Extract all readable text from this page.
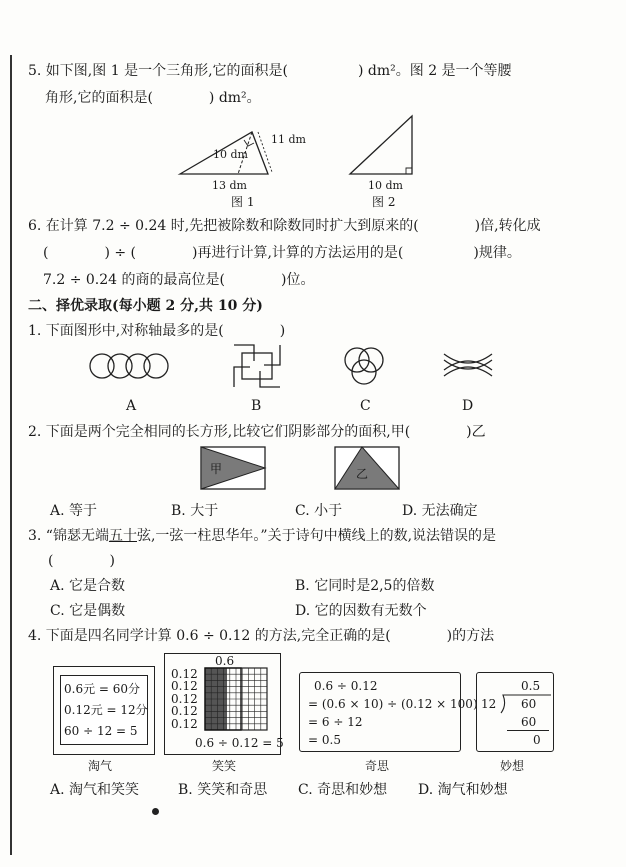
5. 如下图,图 1 是一个三角形,它的面积是(　　　　　) dm²。图 2 是一个等腰
角形,它的面积是(　　　　) dm²。
11 dm
10 dm
13 dm
图 1
10 dm
图 2
6. 在计算 7.2 ÷ 0.24 时,先把被除数和除数同时扩大到原来的(　　　　)倍,转化成
(　　　　) ÷ (　　　　)再进行计算,计算的方法运用的是(　　　　　)规律。
7.2 ÷ 0.24 的商的最高位是(　　　　)位。
二、择优录取(每小题 2 分,共 10 分)
1. 下面图形中,对称轴最多的是(　　　　)
A	B	C	D
2. 下面是两个完全相同的长方形,比较它们阴影部分的面积,甲(　　　　)乙
甲	乙
A. 等于	B. 大于	C. 小于	D. 无法确定
3. “锦瑟无端五十弦,一弦一柱思华年。”关于诗句中横线上的数,说法错误的是
(　　　　)
A. 它是合数	B. 它同时是2,5的倍数
C. 它是偶数	D. 它的因数有无数个
4. 下面是四名同学计算 0.6 ÷ 0.12 的方法,完全正确的是(　　　　)的方法
0.6元 = 60分
0.12元 = 12分
60 ÷ 12 = 5
淘气
0.6
0.12
0.12
0.12
0.12
0.12
0.6 ÷ 0.12 = 5
笑笑
0.6 ÷ 0.12
= (0.6 × 10) ÷ (0.12 × 100)
= 6 ÷ 12
= 0.5
奇思
0.5
12 60
60
0
妙想
A. 淘气和笑笑	B. 笑笑和奇思 C. 奇思和妙想 D. 淘气和妙想
